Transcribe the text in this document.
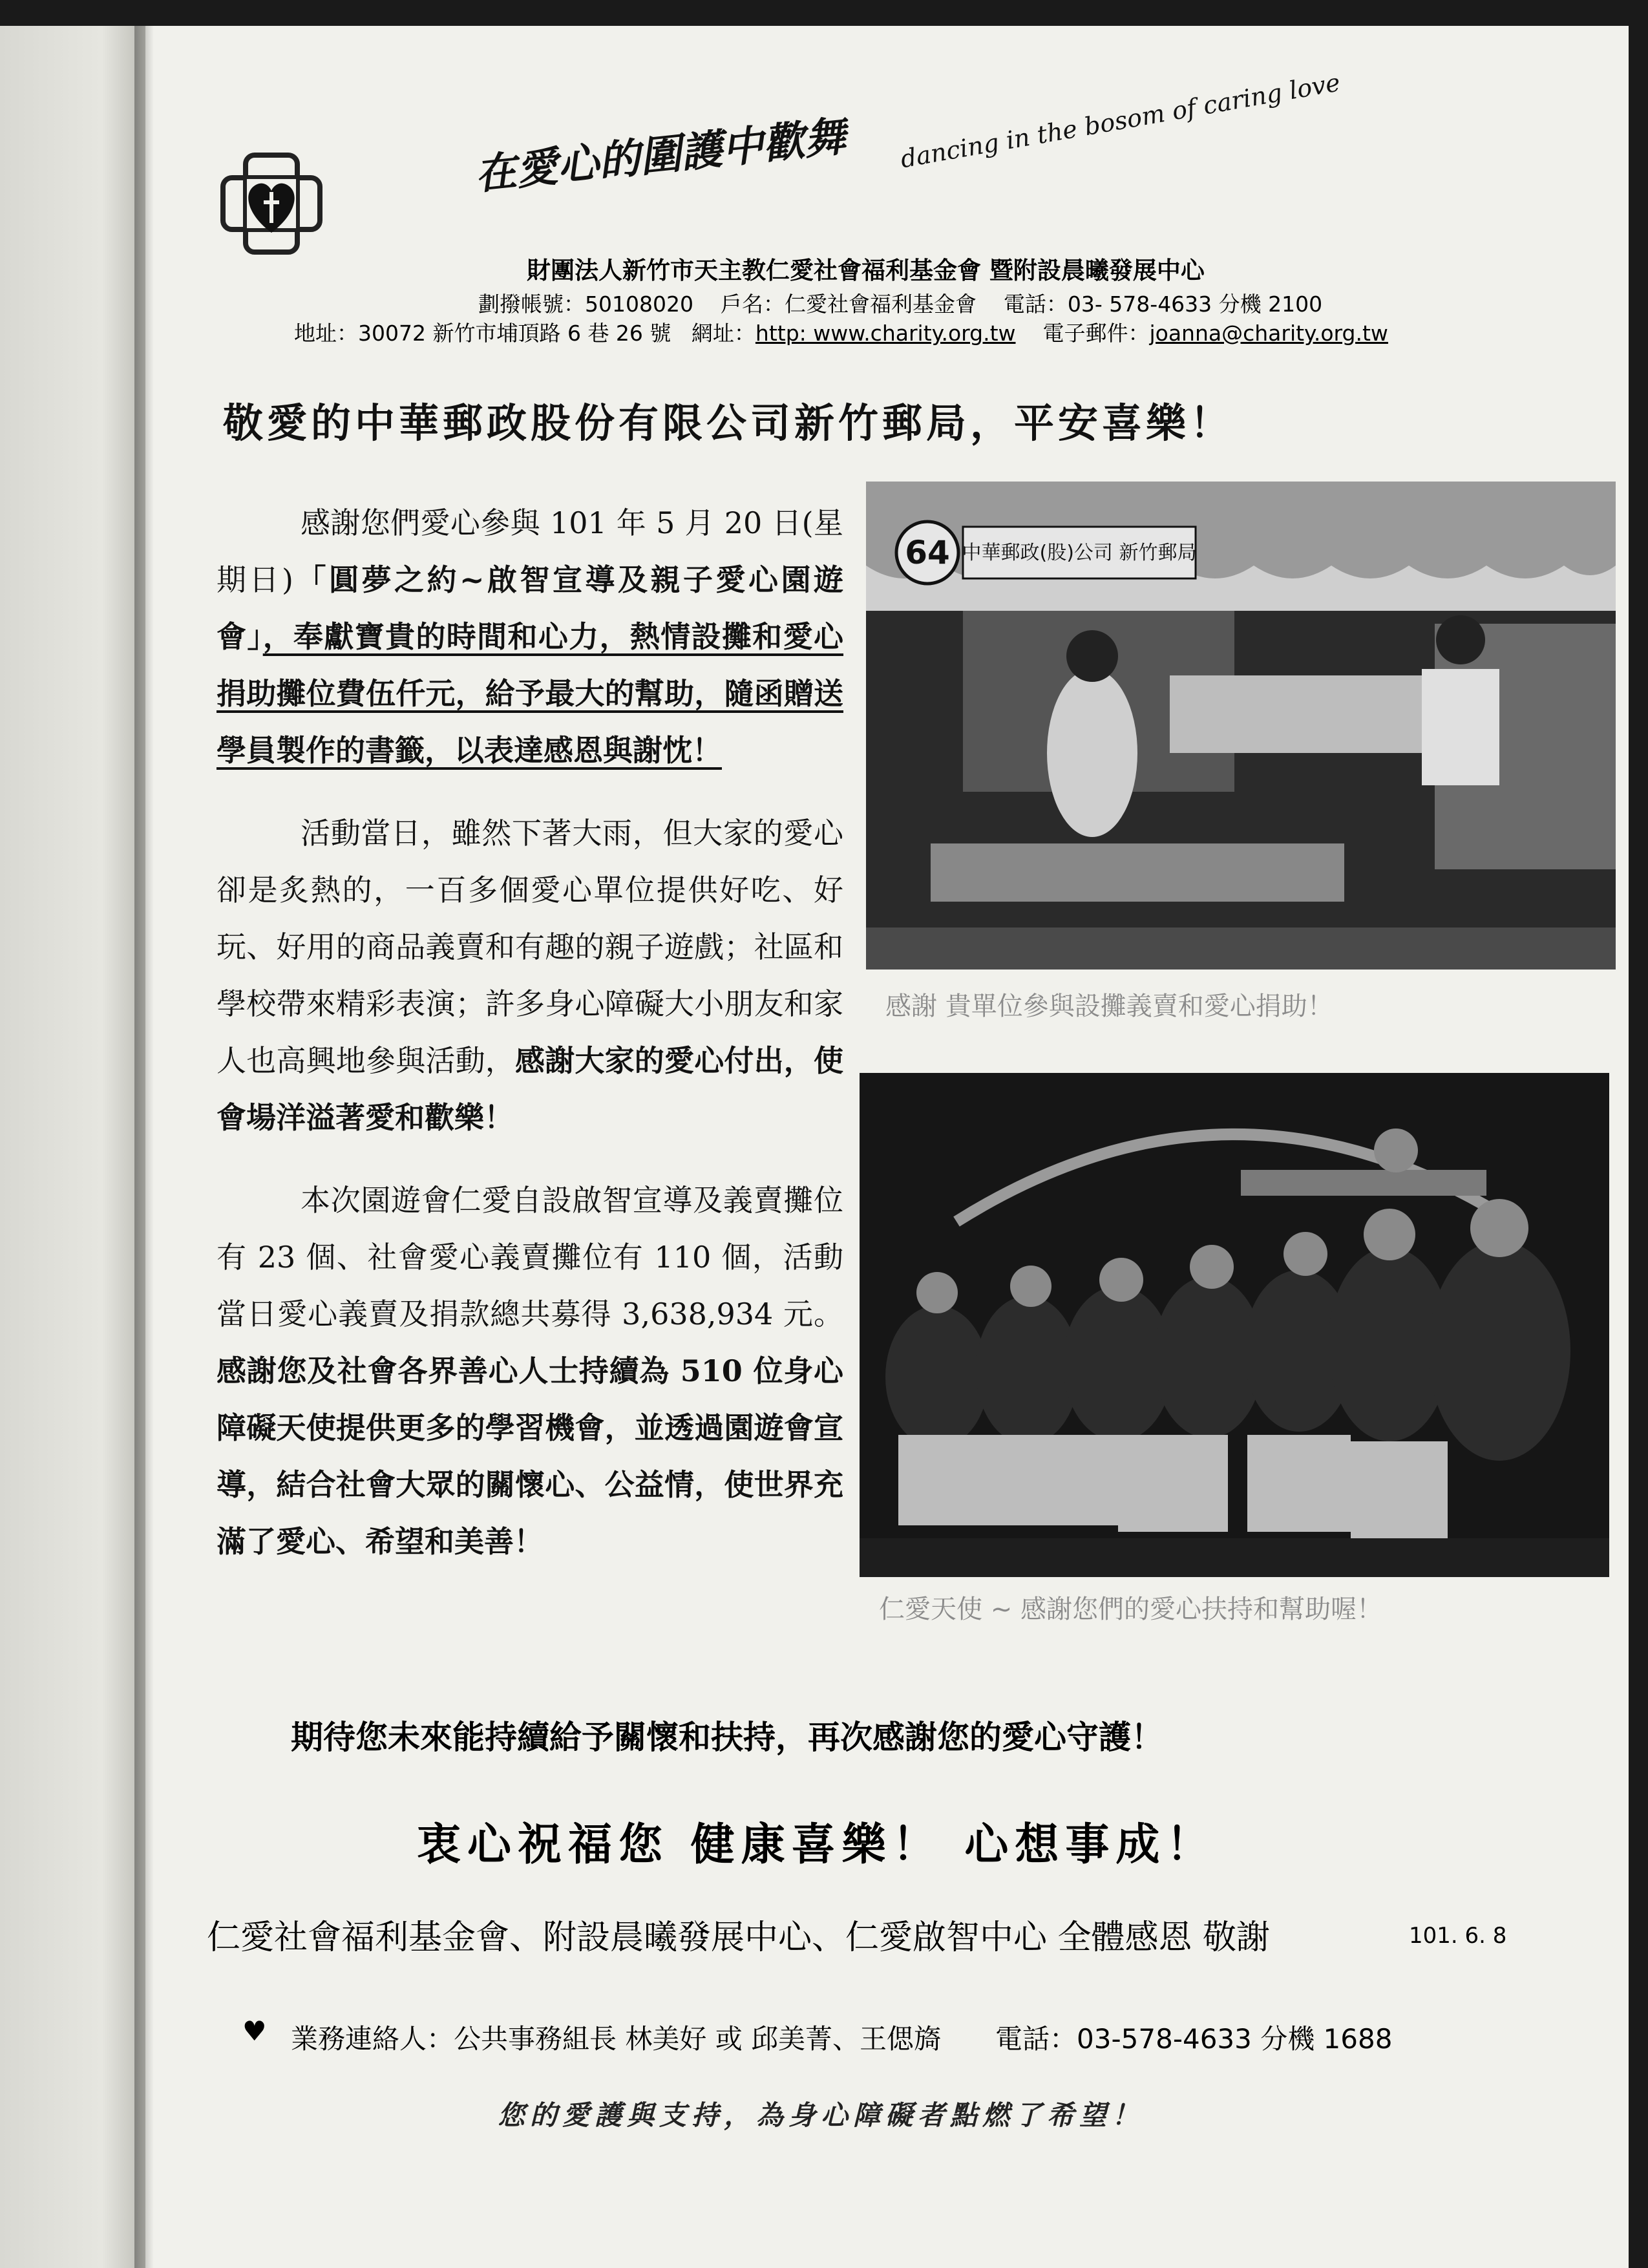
在愛心的圍護中歡舞 dancing in the bosom of caring love
財團法人新竹市天主教仁愛社會福利基金會 暨附設晨曦發展中心
劃撥帳號：50108020 戶名：仁愛社會福利基金會 電話：03- 578-4633 分機 2100
地址：30072 新竹市埔頂路 6 巷 26 號 網址：http: www.charity.org.tw 電子郵件：joanna@charity.org.tw
敬愛的中華郵政股份有限公司新竹郵局，平安喜樂！

感謝您們愛心參與 101 年 5 月 20 日(星期日)「圓夢之約~啟智宣導及親子愛心園遊會」，奉獻寶貴的時間和心力，熱情設攤和愛心捐助攤位費伍仟元，給予最大的幫助，隨函贈送學員製作的書籤，以表達感恩與謝忱！

活動當日，雖然下著大雨，但大家的愛心卻是炙熱的，一百多個愛心單位提供好吃、好玩、好用的商品義賣和有趣的親子遊戲；社區和學校帶來精彩表演；許多身心障礙大小朋友和家人也高興地參與活動，感謝大家的愛心付出，使會場洋溢著愛和歡樂！

本次園遊會仁愛自設啟智宣導及義賣攤位有 23 個、社會愛心義賣攤位有 110 個，活動當日愛心義賣及捐款總共募得 3,638,934 元。感謝您及社會各界善心人士持續為 510 位身心障礙天使提供更多的學習機會，並透過園遊會宣導，結合社會大眾的關懷心、公益情，使世界充滿了愛心、希望和美善！

64 中華郵政(股)公司 新竹郵局
感謝 貴單位參與設攤義賣和愛心捐助！
仁愛天使 ~ 感謝您們的愛心扶持和幫助喔！
期待您未來能持續給予關懷和扶持，再次感謝您的愛心守護！
衷心祝福您 健康喜樂！ 心想事成！
仁愛社會福利基金會、附設晨曦發展中心、仁愛啟智中心 全體感恩 敬謝	101. 6. 8
♥ 業務連絡人：公共事務組長 林美好 或 邱美菁、王偲旖　　電話：03-578-4633 分機 1688
您的愛護與支持，為身心障礙者點燃了希望！
